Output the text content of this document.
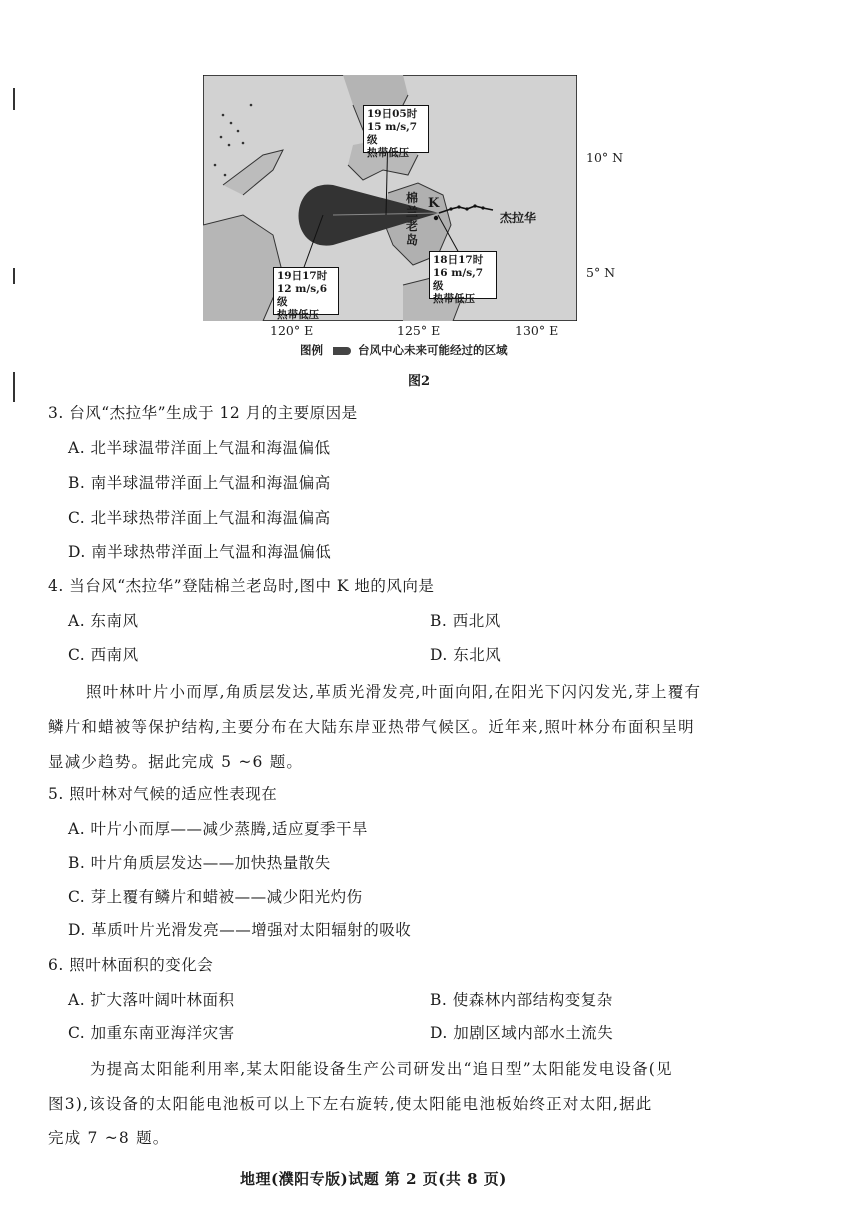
19日05时
15 m/s,7级
热带低压
18日17时
16 m/s,7级
热带低压
19日17时
12 m/s,6级
热带低压
棉
兰
老
岛
K
杰拉华
10° N
5° N
120° E	125° E	130° E
图例	台风中心未来可能经过的区域
图2
3. 台风“杰拉华”生成于 12 月的主要原因是
A. 北半球温带洋面上气温和海温偏低
B. 南半球温带洋面上气温和海温偏高
C. 北半球热带洋面上气温和海温偏高
D. 南半球热带洋面上气温和海温偏低
4. 当台风“杰拉华”登陆棉兰老岛时,图中 K 地的风向是
A. 东南风	B. 西北风
C. 西南风	D. 东北风
照叶林叶片小而厚,角质层发达,革质光滑发亮,叶面向阳,在阳光下闪闪发光,芽上覆有
鳞片和蜡被等保护结构,主要分布在大陆东岸亚热带气候区。近年来,照叶林分布面积呈明
显减少趋势。据此完成 5 ~6 题。
5. 照叶林对气候的适应性表现在
A. 叶片小而厚——减少蒸腾,适应夏季干旱
B. 叶片角质层发达——加快热量散失
C. 芽上覆有鳞片和蜡被——减少阳光灼伤
D. 革质叶片光滑发亮——增强对太阳辐射的吸收
6. 照叶林面积的变化会
A. 扩大落叶阔叶林面积	B. 使森林内部结构变复杂
C. 加重东南亚海洋灾害	D. 加剧区域内部水土流失
为提高太阳能利用率,某太阳能设备生产公司研发出“追日型”太阳能发电设备(见
图3),该设备的太阳能电池板可以上下左右旋转,使太阳能电池板始终正对太阳,据此
完成 7 ~8 题。
地理(濮阳专版)试题 第 2 页(共 8 页)
